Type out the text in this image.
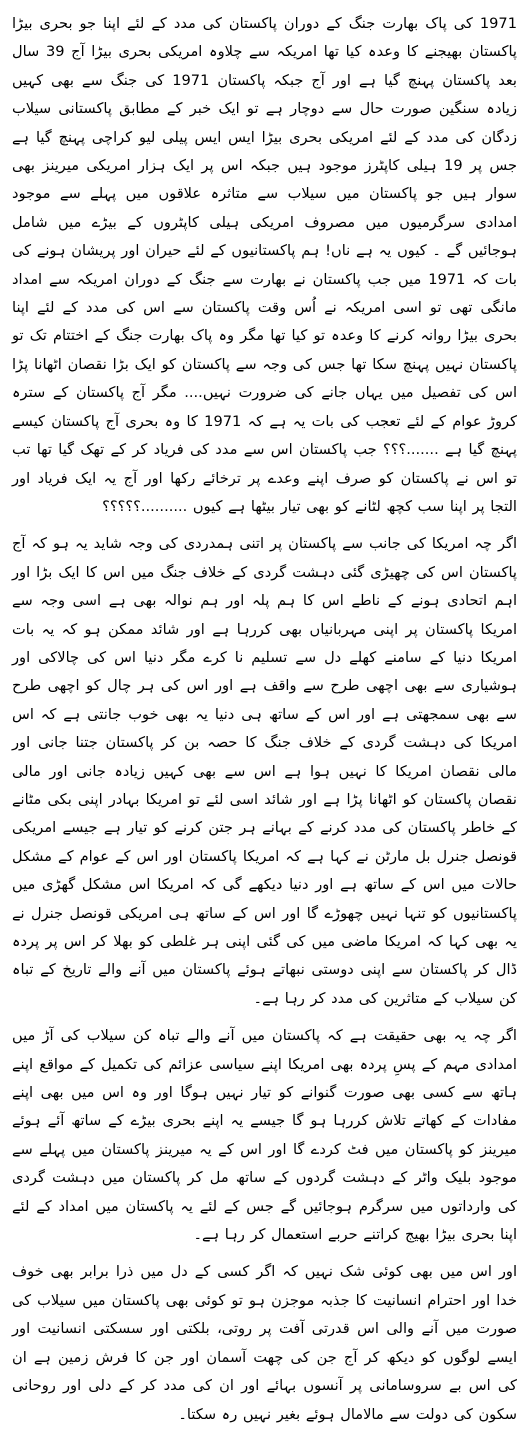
1971 کی پاک بھارت جنگ کے دوران پاکستان کی مدد کے لئے اپنا جو بحری بیڑا پاکستان بھیجنے کا وعدہ کیا تھا امریکہ سے چلاوہ امریکی بحری بیڑا آج 39 سال بعد پاکستان پہنچ گیا ہے اور آج جبکہ پاکستان 1971 کی جنگ سے بھی کہیں زیادہ سنگین صورت حال سے دوچار ہے تو ایک خبر کے مطابق پاکستانی سیلاب زدگان کی مدد کے لئے امریکی بحری بیڑا ایس ایس پیلی لیو کراچی پہنچ گیا ہے جس پر 19 ہیلی کاپٹرز موجود ہیں جبکہ اس پر ایک ہزار امریکی میرینز بھی سوار ہیں جو پاکستان میں سیلاب سے متاثرہ علاقوں میں پہلے سے موجود امدادی سرگرمیوں میں مصروف امریکی ہیلی کاپٹروں کے بیڑے میں شامل ہوجائیں گے ۔ کیوں یہ ہے ناں! ہم پاکستانیوں کے لئے حیران اور پریشان ہونے کی بات کہ 1971 میں جب پاکستان نے بھارت سے جنگ کے دوران امریکہ سے امداد مانگی تھی تو اسی امریکہ نے اُس وقت پاکستان سے اس کی مدد کے لئے اپنا بحری بیڑا روانہ کرنے کا وعدہ تو کیا تھا مگر وہ پاک بھارت جنگ کے اختتام تک تو پاکستان نہیں پہنچ سکا تھا جس کی وجہ سے پاکستان کو ایک بڑا نقصان اٹھانا پڑا اس کی تفصیل میں یہاں جانے کی ضرورت نہیں.... مگر آج پاکستان کے سترہ کروڑ عوام کے لئے تعجب کی بات یہ ہے کہ 1971 کا وہ بحری آج پاکستان کیسے پہنچ گیا ہے .......؟؟؟ جب پاکستان اس سے مدد کی فریاد کر کے تھک گیا تھا تب تو اس نے پاکستان کو صرف اپنے وعدے پر ترخائے رکھا اور آج یہ ایک فریاد اور التجا پر اپنا سب کچھ لٹانے کو بھی تیار بیٹھا ہے کیوں ..........؟؟؟؟؟

اگر چہ امریکا کی جانب سے پاکستان پر اتنی ہمدردی کی وجہ شاید یہ ہو کہ آج پاکستان اس کی چھیڑی گئی دہشت گردی کے خلاف جنگ میں اس کا ایک بڑا اور اہم اتحادی ہونے کے ناطے اس کا ہم پلہ اور ہم نوالہ بھی ہے اسی وجہ سے امریکا پاکستان پر اپنی مہربانیاں بھی کررہا ہے اور شائد ممکن ہو کہ یہ بات امریکا دنیا کے سامنے کھلے دل سے تسلیم نا کرے مگر دنیا اس کی چالاکی اور ہوشیاری سے بھی اچھی طرح سے واقف ہے اور اس کی ہر چال کو اچھی طرح سے بھی سمجھتی ہے اور اس کے ساتھ ہی دنیا یہ بھی خوب جانتی ہے کہ اس امریکا کی دہشت گردی کے خلاف جنگ کا حصہ بن کر پاکستان جتنا جانی اور مالی نقصان امریکا کا نہیں ہوا ہے اس سے بھی کہیں زیادہ جانی اور مالی نقصان پاکستان کو اٹھانا پڑا ہے اور شائد اسی لئے تو امریکا بہادر اپنی بکی مٹانے کے خاطر پاکستان کی مدد کرنے کے بہانے ہر جتن کرنے کو تیار ہے جیسے امریکی قونصل جنرل بل مارٹن نے کہا ہے کہ امریکا پاکستان اور اس کے عوام کے مشکل حالات میں اس کے ساتھ ہے اور دنیا دیکھے گی کہ امریکا اس مشکل گھڑی میں پاکستانیوں کو تنہا نہیں چھوڑے گا اور اس کے ساتھ ہی امریکی قونصل جنرل نے یہ بھی کہا کہ امریکا ماضی میں کی گئی اپنی ہر غلطی کو بھلا کر اس پر پردہ ڈال کر پاکستان سے اپنی دوستی نبھاتے ہوئے پاکستان میں آنے والے تاریخ کے تباہ کن سیلاب کے متاثرین کی مدد کر رہا ہے۔

اگر چہ یہ بھی حقیقت ہے کہ پاکستان میں آنے والے تباہ کن سیلاب کی آڑ میں امدادی مہم کے پسِ پردہ بھی امریکا اپنے سیاسی عزائم کی تکمیل کے مواقع اپنے ہاتھ سے کسی بھی صورت گنوانے کو تیار نہیں ہوگا اور وہ اس میں بھی اپنے مفادات کے کھاتے تلاش کررہا ہو گا جیسے یہ اپنے بحری بیڑے کے ساتھ آئے ہوئے میرینز کو پاکستان میں فٹ کردے گا اور اس کے یہ میرینز پاکستان میں پہلے سے موجود بلیک واٹر کے دہشت گردوں کے ساتھ مل کر پاکستان میں دہشت گردی کی وارداتوں میں سرگرم ہوجائیں گے جس کے لئے یہ پاکستان میں امداد کے لئے اپنا بحری بیڑا بھیج کراتنے حربے استعمال کر رہا ہے۔

اور اس میں بھی کوئی شک نہیں کہ اگر کسی کے دل میں ذرا برابر بھی خوف خدا اور احترام انسانیت کا جذبہ موجزن ہو تو کوئی بھی پاکستان میں سیلاب کی صورت میں آنے والی اس قدرتی آفت پر روتی، بلکتی اور سسکتی انسانیت اور ایسے لوگوں کو دیکھ کر آج جن کی چھت آسمان اور جن کا فرش زمین ہے ان کی اس بے سروسامانی پر آنسوں بہائے اور ان کی مدد کر کے دلی اور روحانی سکون کی دولت سے مالامال ہوئے بغیر نہیں رہ سکتا۔
